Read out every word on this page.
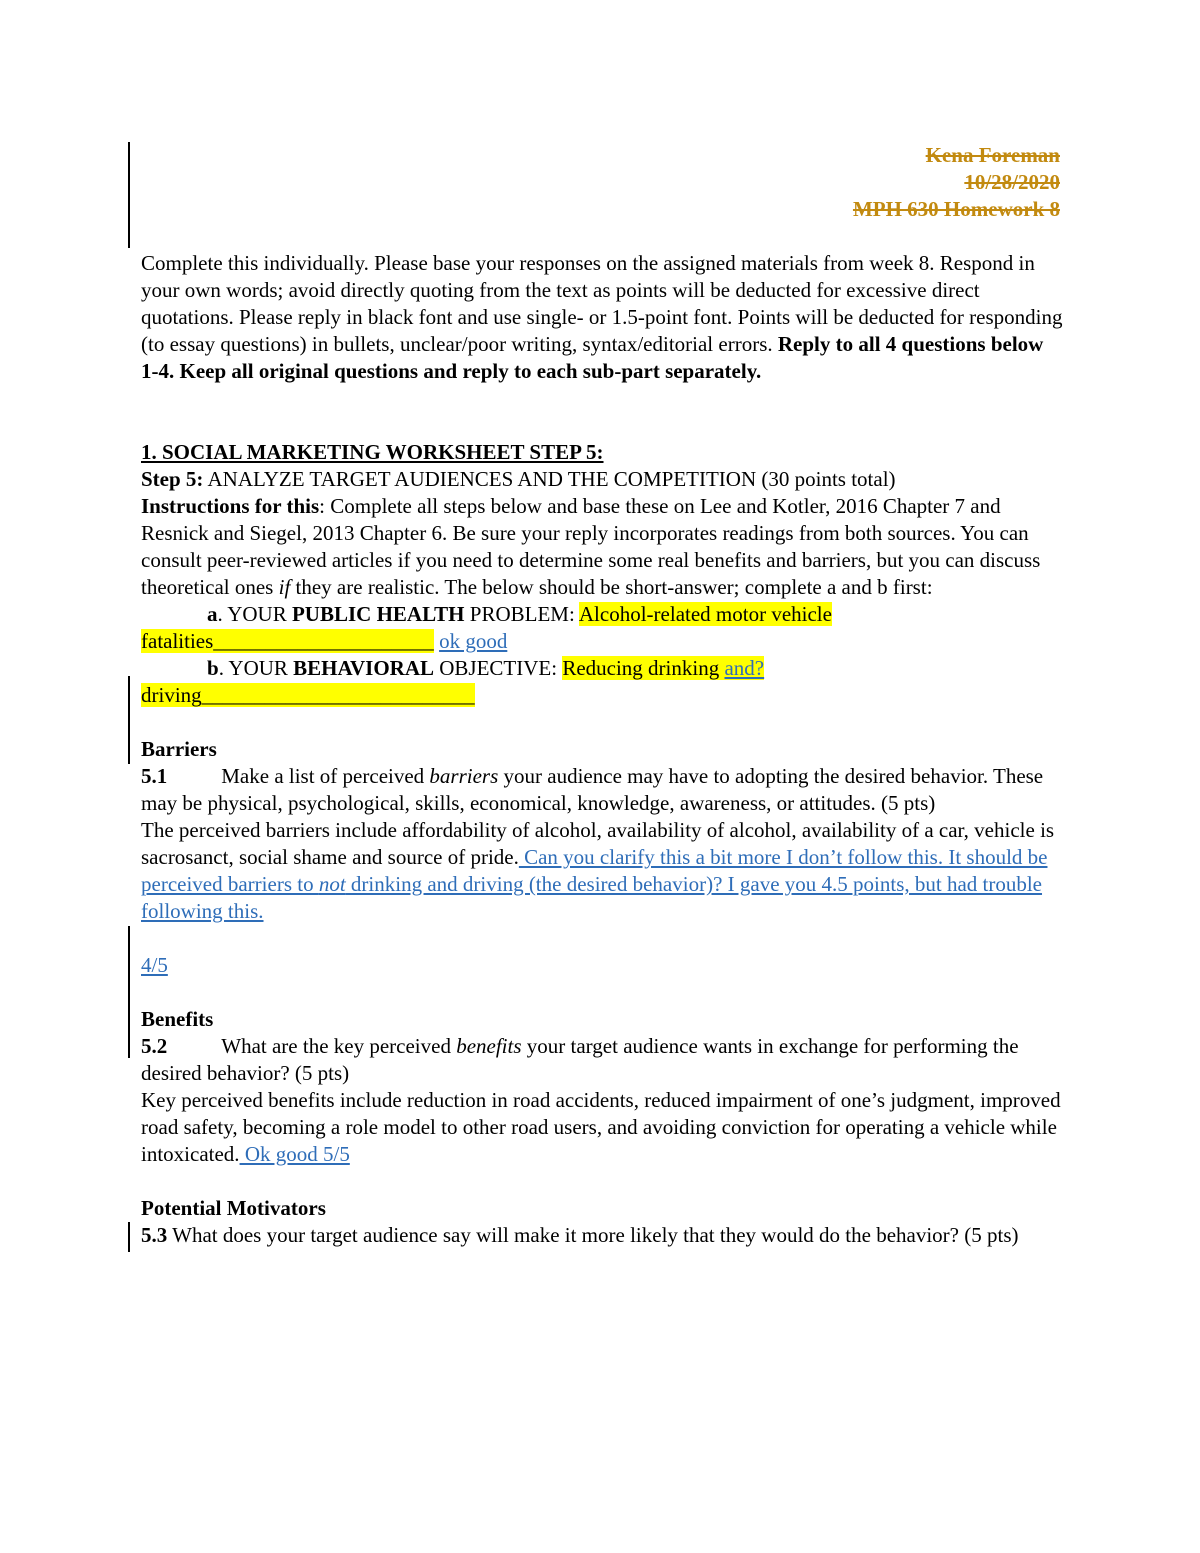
Kena Foreman
10/28/2020
MPH 630 Homework 8

Complete this individually. Please base your responses on the assigned materials from week 8. Respond in your own words; avoid directly quoting from the text as points will be deducted for excessive direct quotations. Please reply in black font and use single- or 1.5-point font. Points will be deducted for responding (to essay questions) in bullets, unclear/poor writing, syntax/editorial errors. Reply to all 4 questions below 1-4. Keep all original questions and reply to each sub-part separately.

1. SOCIAL MARKETING WORKSHEET STEP 5:

Step 5: ANALYZE TARGET AUDIENCES AND THE COMPETITION (30 points total)

Instructions for this: Complete all steps below and base these on Lee and Kotler, 2016 Chapter 7 and Resnick and Siegel, 2013 Chapter 6. Be sure your reply incorporates readings from both sources. You can consult peer-reviewed articles if you need to determine some real benefits and barriers, but you can discuss theoretical ones if they are realistic. The below should be short-answer; complete a and b first:

a. YOUR PUBLIC HEALTH PROBLEM: Alcohol-related motor vehicle

fatalities_____________________ ok good

b. YOUR BEHAVIORAL OBJECTIVE: Reducing drinking and?

driving__________________________

Barriers

5.1	Make a list of perceived barriers your audience may have to adopting the desired behavior. These may be physical, psychological, skills, economical, knowledge, awareness, or attitudes. (5 pts)

The perceived barriers include affordability of alcohol, availability of alcohol, availability of a car, vehicle is sacrosanct, social shame and source of pride. Can you clarify this a bit more I don’t follow this. It should be perceived barriers to not drinking and driving (the desired behavior)? I gave you 4.5 points, but had trouble following this.

4/5

Benefits

5.2	What are the key perceived benefits your target audience wants in exchange for performing the desired behavior? (5 pts)

Key perceived benefits include reduction in road accidents, reduced impairment of one’s judgment, improved road safety, becoming a role model to other road users, and avoiding conviction for operating a vehicle while intoxicated. Ok good 5/5

Potential Motivators

5.3 What does your target audience say will make it more likely that they would do the behavior? (5 pts)
